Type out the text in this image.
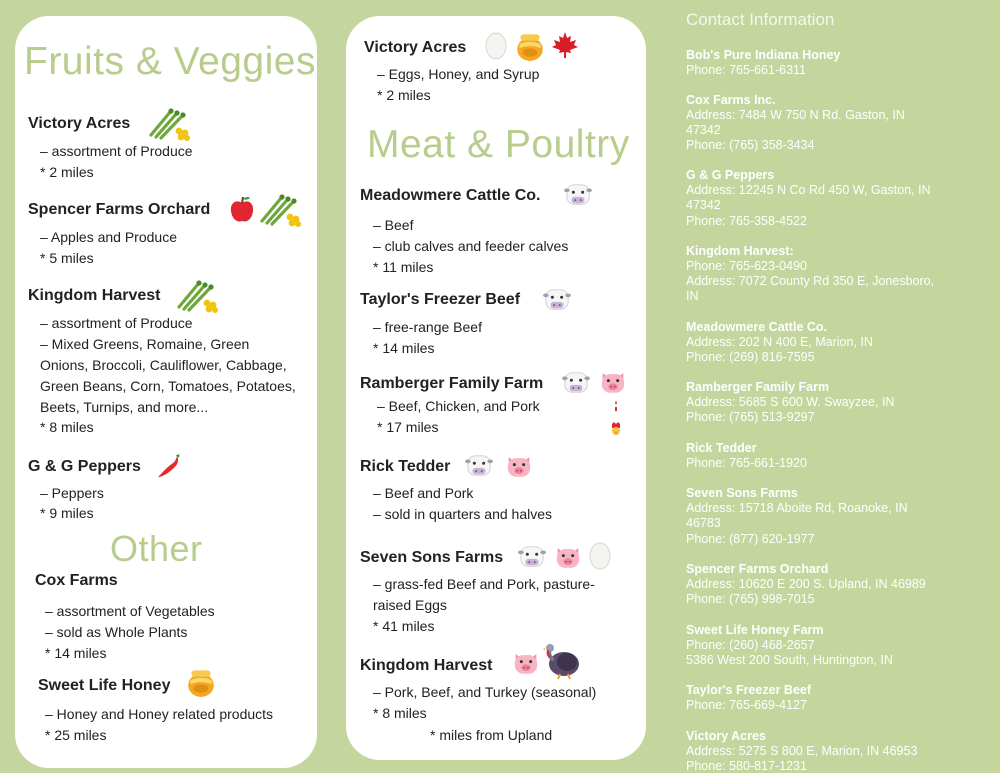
Fruits & Veggies
Victory Acres
– assortment of Produce
* 2 miles
Spencer Farms Orchard
– Apples and Produce
* 5 miles
Kingdom Harvest
– assortment of Produce
– Mixed Greens, Romaine, Green
Onions, Broccoli, Cauliflower, Cabbage,
Green Beans, Corn, Tomatoes, Potatoes,
Beets, Turnips, and more...
* 8 miles
G & G Peppers
– Peppers
* 9 miles
Other
Cox Farms
– assortment of Vegetables
– sold as Whole Plants
* 14 miles
Sweet Life Honey
– Honey and Honey related products
* 25 miles
Victory Acres
– Eggs, Honey, and Syrup
* 2 miles
Meat & Poultry
Meadowmere Cattle Co.
– Beef
– club calves and feeder calves
* 11 miles
Taylor's Freezer Beef
– free-range Beef
* 14 miles
Ramberger Family Farm
– Beef, Chicken, and Pork
* 17 miles
Rick Tedder
– Beef and Pork
– sold in quarters and halves
Seven Sons Farms
– grass-fed Beef and Pork, pasture-
raised Eggs
* 41 miles
Kingdom Harvest
– Pork, Beef, and Turkey (seasonal)
* 8 miles
* miles from Upland
Contact Information
Bob's Pure Indiana Honey
Phone: 765-661-6311
Cox Farms Inc.
Address: 7484 W 750 N Rd. Gaston, IN
47342
Phone: (765) 358-3434
G & G Peppers
Address: 12245 N Co Rd 450 W, Gaston, IN
47342
Phone: 765-358-4522
Kingdom Harvest:
Phone: 765-623-0490
Address: 7072 County Rd 350 E, Jonesboro,
IN
Meadowmere Cattle Co.
Address: 202 N 400 E, Marion, IN
Phone: (269) 816-7595
Ramberger Family Farm
Address: 5685 S 600 W. Swayzee, IN
Phone: (765) 513-9297
Rick Tedder
Phone: 765-661-1920
Seven Sons Farms
Address: 15718 Aboite Rd, Roanoke, IN
46783
Phone: (877) 620-1977
Spencer Farms Orchard
Address: 10620 E 200 S. Upland, IN 46989
Phone: (765) 998-7015
Sweet Life Honey Farm
Phone: (260) 468-2657
5386 West 200 South, Huntington, IN
Taylor's Freezer Beef
Phone: 765-669-4127
Victory Acres
Address: 5275 S 800 E, Marion, IN 46953
Phone: 580-817-1231
